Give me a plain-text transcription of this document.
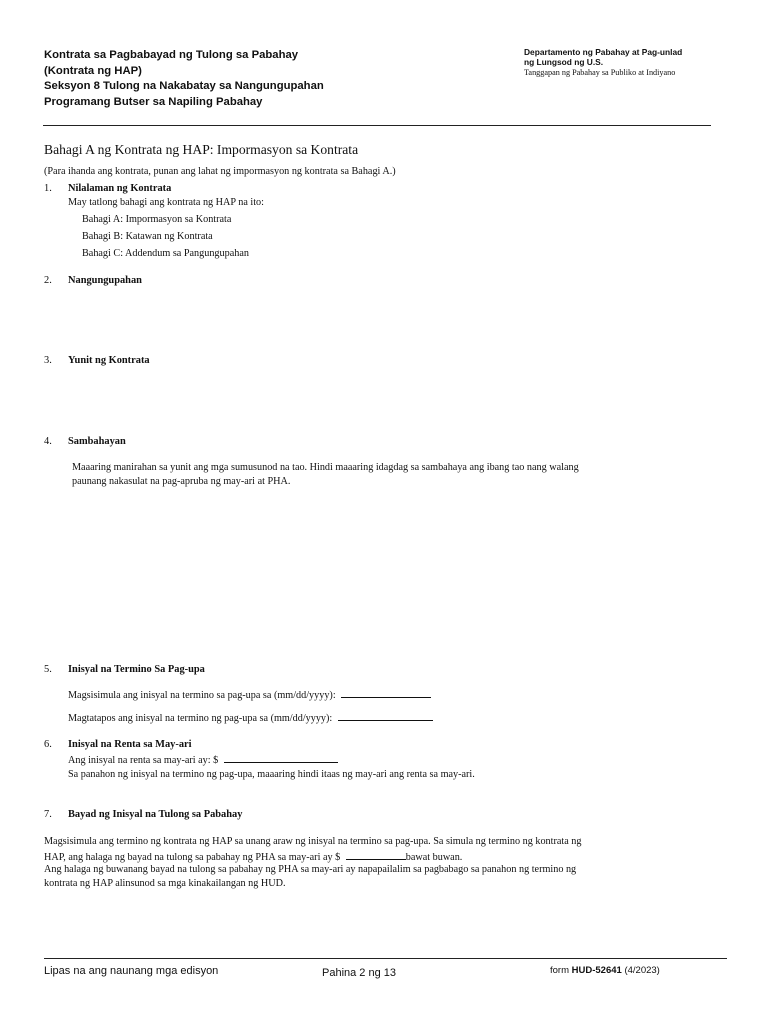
Kontrata sa Pagbabayad ng Tulong sa Pabahay
(Kontrata ng HAP)
Seksyon 8 Tulong na Nakabatay sa Nangungupahan
Programang Butser sa Napiling Pabahay
Departamento ng Pabahay at Pag-unlad
ng Lungsod ng U.S.
Tanggapan ng Pabahay sa Publiko at Indiyano
Bahagi A ng Kontrata ng HAP: Impormasyon sa Kontrata
(Para ihanda ang kontrata, punan ang lahat ng impormasyon ng kontrata sa Bahagi A.)
1. Nilalaman ng Kontrata
May tatlong bahagi ang kontrata ng HAP na ito:
Bahagi A: Impormasyon sa Kontrata
Bahagi B: Katawan ng Kontrata
Bahagi C: Addendum sa Pangungupahan
2. Nangungupahan
3. Yunit ng Kontrata
4. Sambahayan
Maaaring manirahan sa yunit ang mga sumusunod na tao. Hindi maaaring idagdag sa sambahaya ang ibang tao nang walang
paunang nakasulat na pag-apruba ng may-ari at PHA.
5. Inisyal na Termino Sa Pag-upa
Magsisimula ang inisyal na termino sa pag-upa sa (mm/dd/yyyy):
Magtatapos ang inisyal na termino ng pag-upa sa (mm/dd/yyyy):
6. Inisyal na Renta sa May-ari
Ang inisyal na renta sa may-ari ay: $
Sa panahon ng inisyal na termino ng pag-upa, maaaring hindi itaas ng may-ari ang renta sa may-ari.
7. Bayad ng Inisyal na Tulong sa Pabahay
Magsisimula ang termino ng kontrata ng HAP sa unang araw ng inisyal na termino sa pag-upa. Sa simula ng termino ng kontrata ng
HAP, ang halaga ng bayad na tulong sa pabahay ng PHA sa may-ari ay $	bawat buwan.
Ang halaga ng buwanang bayad na tulong sa pabahay ng PHA sa may-ari ay napapailalim sa pagbabago sa panahon ng termino ng
kontrata ng HAP alinsunod sa mga kinakailangan ng HUD.
Lipas na ang naunang mga edisyon	Pahina 2 ng 13	form HUD-52641 (4/2023)
